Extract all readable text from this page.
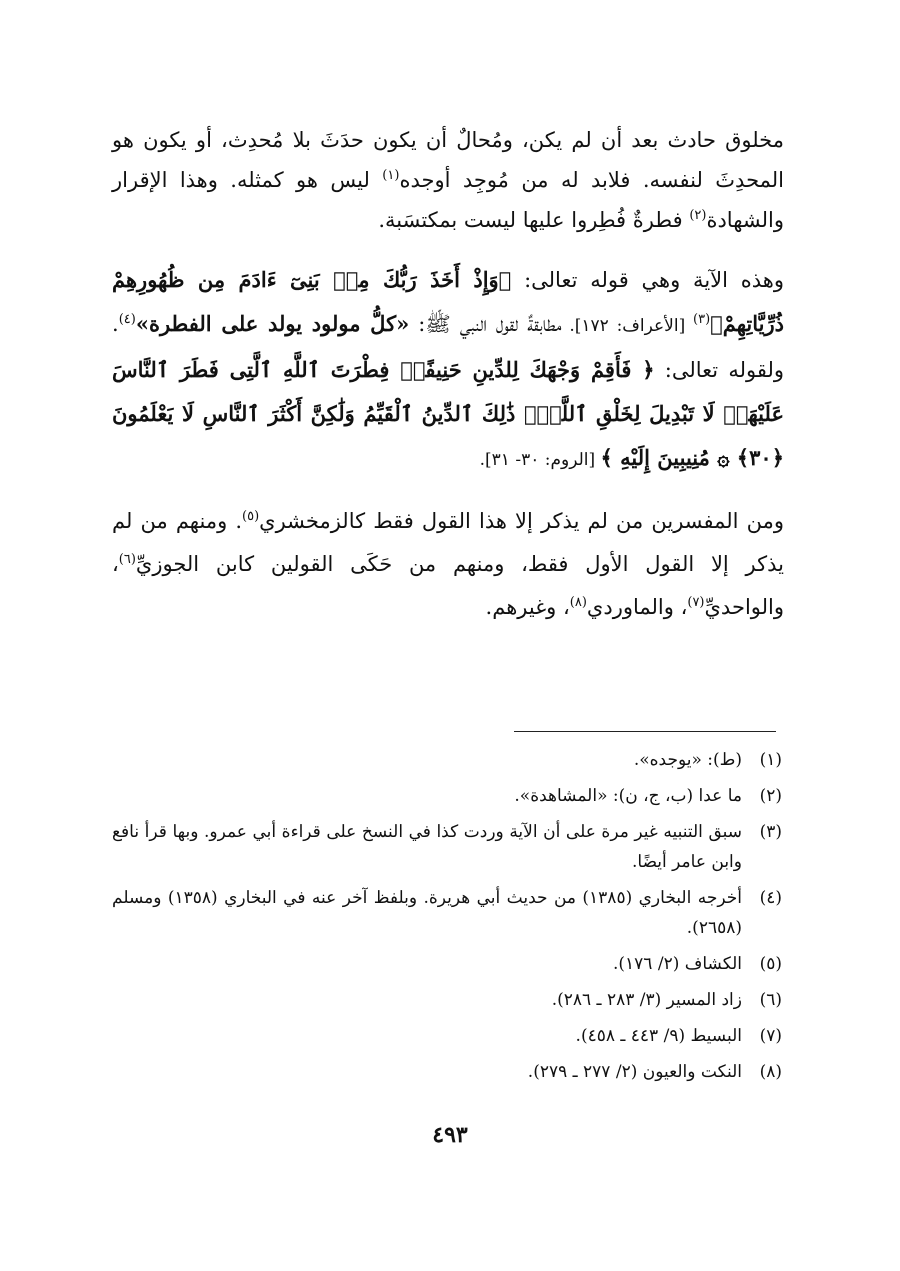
مخلوق حادث بعد أن لم يكن، ومُحالٌ أن يكون حدَثَ بلا مُحدِث، أو يكون هو المحدِثَ لنفسه. فلابد له من مُوجِد أوجده$^{(١)}$ ليس هو كمثله. وهذا الإقرار والشهادة$^{(٢)}$ فطرةٌ فُطِروا عليها ليست بمكتسَبة.

وهذه الآية وهي قوله تعالى: ﴿وَإِذْ أَخَذَ رَبُّكَ مِنۢ بَنِىٓ ءَادَمَ مِن ظُهُورِهِمْ ذُرِّيَّاتِهِمْ﴾$^{(٣)}$ [الأعراف: ١٧٢]. مطابقةٌ لقول النبي ﷺ: «كلُّ مولود يولد على الفطرة»$^{(٤)}$. ولقوله تعالى: ﴿ فَأَقِمْ وَجْهَكَ لِلدِّينِ حَنِيفًاۚ فِطْرَتَ ٱللَّهِ ٱلَّتِى فَطَرَ ٱلنَّاسَ عَلَيْهَاۚ لَا تَبْدِيلَ لِخَلْقِ ٱللَّهِۚ ذَٰلِكَ ٱلدِّينُ ٱلْقَيِّمُ وَلَٰكِنَّ أَكْثَرَ ٱلنَّاسِ لَا يَعْلَمُونَ ﴿٣٠﴾ ۞ مُنِيبِينَ إِلَيْهِ ﴾ [الروم: ٣٠- ٣١].

ومن المفسرين من لم يذكر إلا هذا القول فقط كالزمخشري$^{(٥)}$. ومنهم من لم يذكر إلا القول الأول فقط، ومنهم من حَكَى القولين كابن الجوزيِّ$^{(٦)}$، والواحديِّ$^{(٧)}$، والماوردي$^{(٨)}$، وغيرهم.

(١)
(ط): «يوجده».
(٢)
ما عدا (ب، ج، ن): «المشاهدة».
(٣)
سبق التنبيه غير مرة على أن الآية وردت كذا في النسخ على قراءة أبي عمرو. وبها قرأ نافع وابن عامر أيضًا.
(٤)
أخرجه البخاري (١٣٨٥) من حديث أبي هريرة. وبلفظ آخر عنه في البخاري (١٣٥٨) ومسلم (٢٦٥٨).
(٥)
الكشاف (٢/ ١٧٦).
(٦)
زاد المسير (٣/ ٢٨٣ ـ ٢٨٦).
(٧)
البسيط (٩/ ٤٤٣ ـ ٤٥٨).
(٨)
النكت والعيون (٢/ ٢٧٧ ـ ٢٧٩).
٤٩٣
